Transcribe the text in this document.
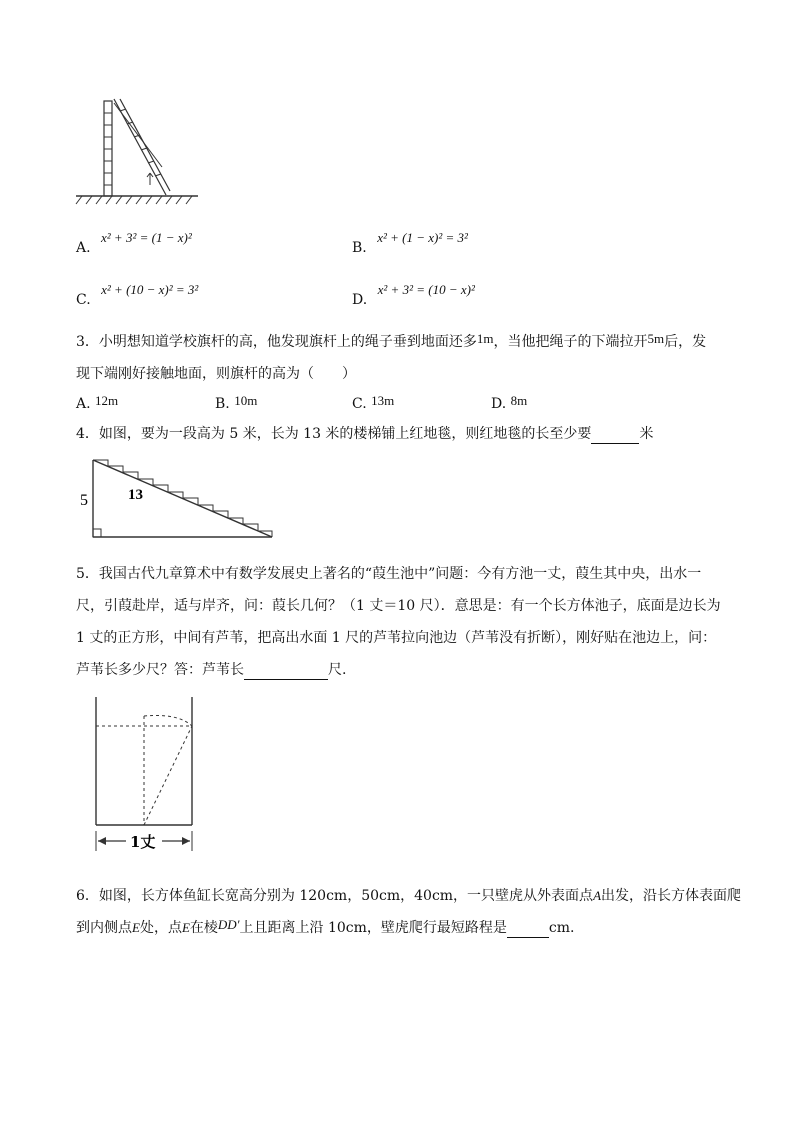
A. x² + 3² = (1 − x)²
B. x² + (1 − x)² = 3²
C. x² + (10 − x)² = 3²
D. x² + 3² = (10 − x)²
3．小明想知道学校旗杆的高，他发现旗杆上的绳子垂到地面还多1m，当他把绳子的下端拉开5m后，发
现下端刚好接触地面，则旗杆的高为（　　）
A. 12m	B. 10m	C. 13m	D. 8m
4．如图，要为一段高为 5 米，长为 13 米的楼梯铺上红地毯，则红地毯的长至少要	米
5	13
5．我国古代九章算术中有数学发展史上著名的“葭生池中”问题：今有方池一丈，葭生其中央，出水一
尺，引葭赴岸，适与岸齐，问：葭长几何？（1 丈＝10 尺）．意思是：有一个长方体池子，底面是边长为
1 丈的正方形，中间有芦苇，把高出水面 1 尺的芦苇拉向池边（芦苇没有折断），刚好贴在池边上，问：
芦苇长多少尺？答：芦苇长	尺.
1丈
6．如图，长方体鱼缸长宽高分别为 120cm，50cm，40cm，一只壁虎从外表面点A出发，沿长方体表面爬
到内侧点E处，点E在棱DD′上且距离上沿 10cm，壁虎爬行最短路程是	cm.
